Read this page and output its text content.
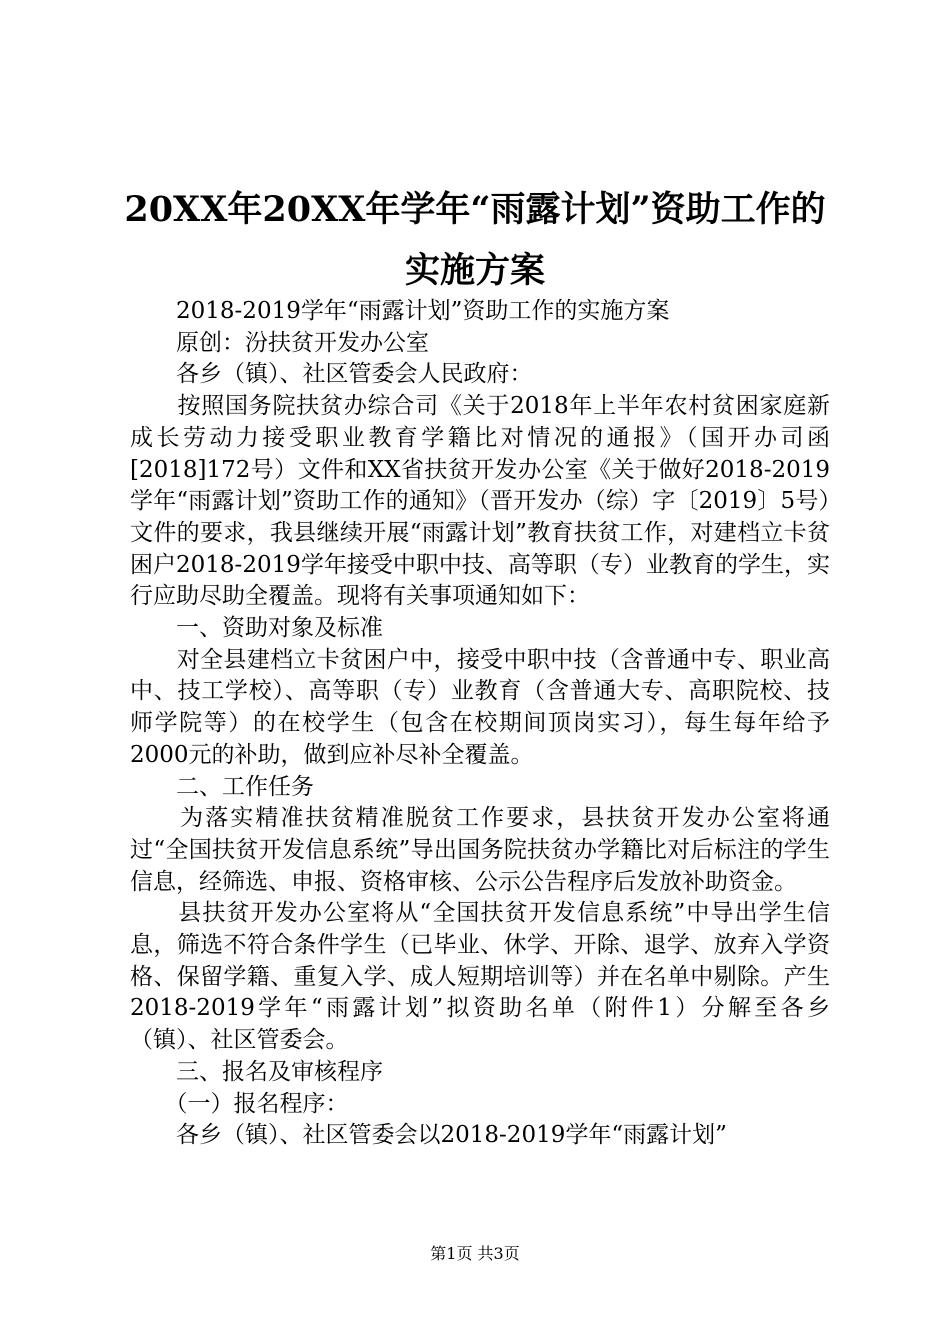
20XX年20XX年学年“雨露计划”资助工作的
实施方案

　　2018-2019学年“雨露计划”资助工作的实施方案

　　原创：汾扶贫开发办公室

　　各乡（镇）、社区管委会人民政府：

　　按照国务院扶贫办综合司《关于2018年上半年农村贫困家庭新成长劳动力接受职业教育学籍比对情况的通报》（国开办司函[2018]172号）文件和XX省扶贫开发办公室《关于做好2018-2019学年“雨露计划”资助工作的通知》（晋开发办（综）字〔2019〕5号）文件的要求，我县继续开展“雨露计划”教育扶贫工作，对建档立卡贫困户2018-2019学年接受中职中技、高等职（专）业教育的学生，实行应助尽助全覆盖。现将有关事项通知如下：

　　一、资助对象及标准

　　对全县建档立卡贫困户中，接受中职中技（含普通中专、职业高中、技工学校）、高等职（专）业教育（含普通大专、高职院校、技师学院等）的在校学生（包含在校期间顶岗实习），每生每年给予2000元的补助，做到应补尽补全覆盖。

　　二、工作任务

　　为落实精准扶贫精准脱贫工作要求，县扶贫开发办公室将通过“全国扶贫开发信息系统”导出国务院扶贫办学籍比对后标注的学生信息，经筛选、申报、资格审核、公示公告程序后发放补助资金。

　　县扶贫开发办公室将从“全国扶贫开发信息系统”中导出学生信息，筛选不符合条件学生（已毕业、休学、开除、退学、放弃入学资格、保留学籍、重复入学、成人短期培训等）并在名单中剔除。产生2018-2019学年“雨露计划”拟资助名单（附件1）分解至各乡（镇）、社区管委会。

　　三、报名及审核程序

　　（一）报名程序：

　　各乡（镇）、社区管委会以2018-2019学年“雨露计划”

第1页 共3页
